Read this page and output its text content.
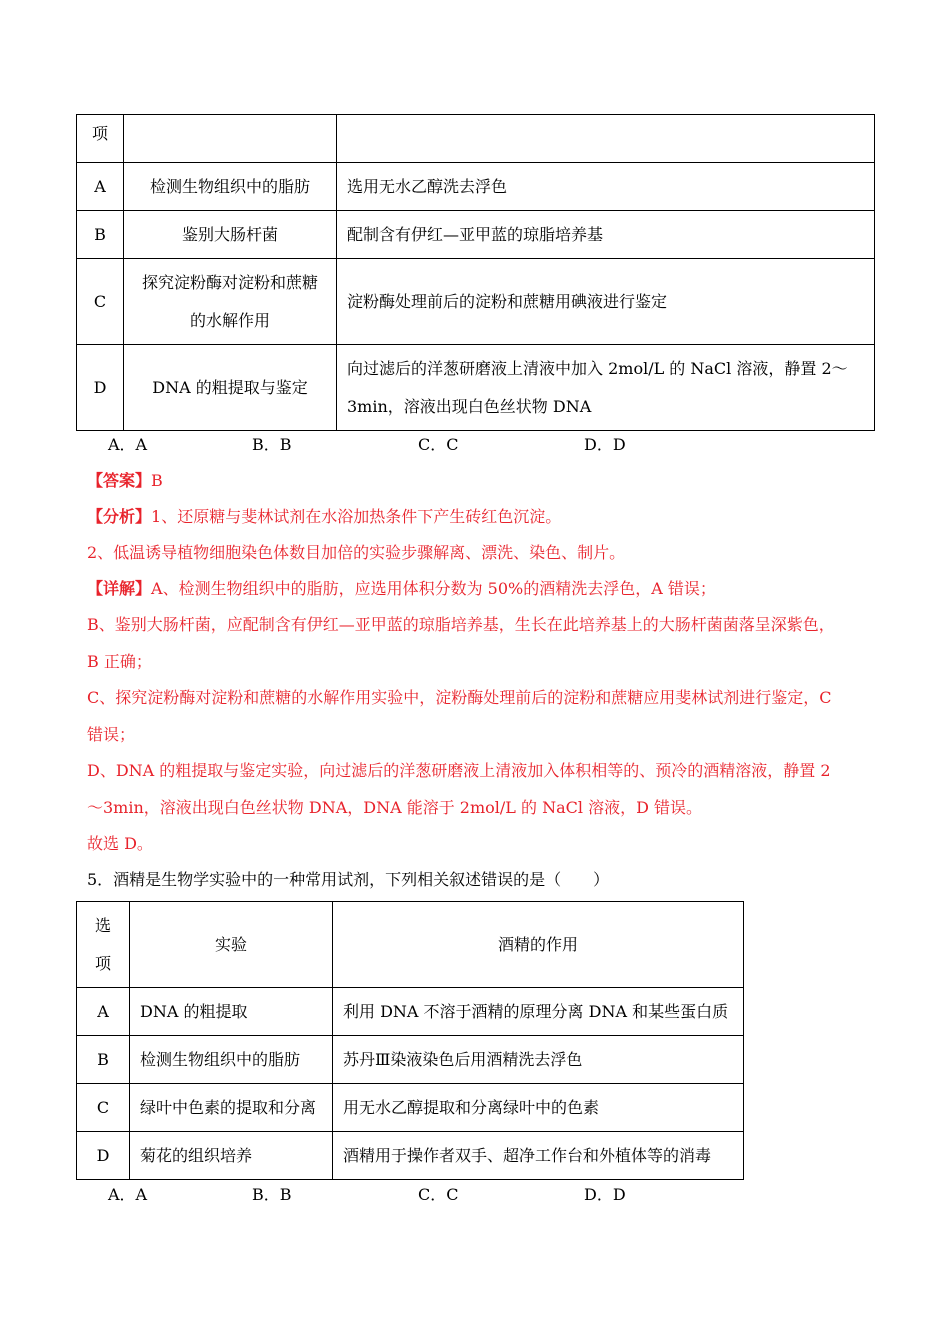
项		
A	检测生物组织中的脂肪	选用无水乙醇洗去浮色
B	鉴别大肠杆菌	配制含有伊红—亚甲蓝的琼脂培养基
C	探究淀粉酶对淀粉和蔗糖
的水解作用	淀粉酶处理前后的淀粉和蔗糖用碘液进行鉴定
D	DNA 的粗提取与鉴定	向过滤后的洋葱研磨液上清液中加入 2mol/L 的 NaCl 溶液，静置 2～
3min，溶液出现白色丝状物 DNA
A．A	B．B	C．C	D．D
【答案】B
【分析】1、还原糖与斐林试剂在水浴加热条件下产生砖红色沉淀。
2、低温诱导植物细胞染色体数目加倍的实验步骤解离、漂洗、染色、制片。
【详解】A、检测生物组织中的脂肪，应选用体积分数为 50%的酒精洗去浮色，A 错误；
B、鉴别大肠杆菌，应配制含有伊红—亚甲蓝的琼脂培养基，生长在此培养基上的大肠杆菌菌落呈深紫色，
B 正确；
C、探究淀粉酶对淀粉和蔗糖的水解作用实验中，淀粉酶处理前后的淀粉和蔗糖应用斐林试剂进行鉴定，C
错误；
D、DNA 的粗提取与鉴定实验，向过滤后的洋葱研磨液上清液加入体积相等的、预冷的酒精溶液，静置 2
～3min，溶液出现白色丝状物 DNA，DNA 能溶于 2mol/L 的 NaCl 溶液，D 错误。
故选 D。
5．酒精是生物学实验中的一种常用试剂，下列相关叙述错误的是（　　）
选
项	实验	酒精的作用
A	DNA 的粗提取	利用 DNA 不溶于酒精的原理分离 DNA 和某些蛋白质
B	检测生物组织中的脂肪	苏丹Ⅲ染液染色后用酒精洗去浮色
C	绿叶中色素的提取和分离	用无水乙醇提取和分离绿叶中的色素
D	菊花的组织培养	酒精用于操作者双手、超净工作台和外植体等的消毒
A．A	B．B	C．C	D．D
